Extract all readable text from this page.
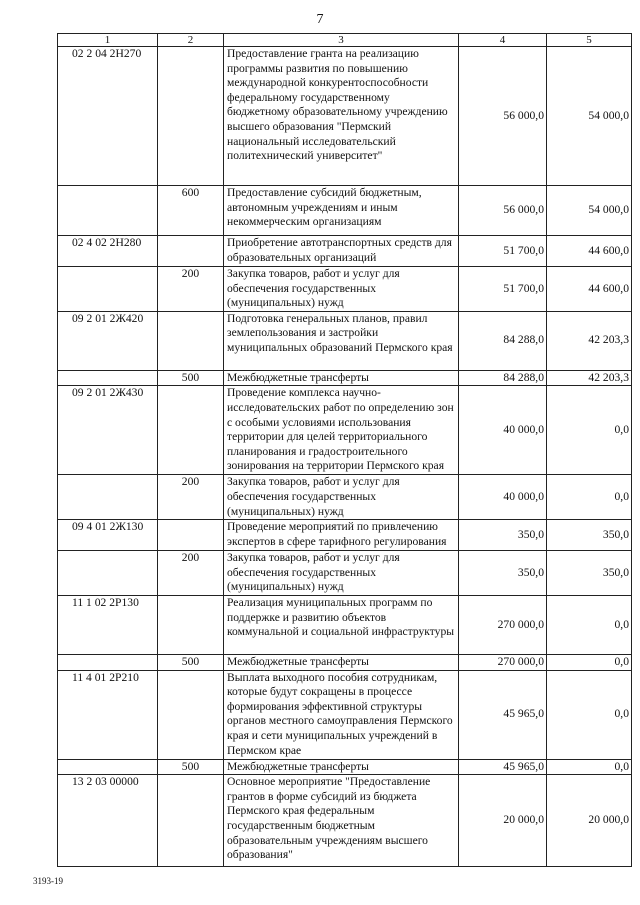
7
1	2	3	4	5
02 2 04 2Н270		Предоставление гранта на реализацию программы развития по повышению международной конкурентоспособности федеральному государственному бюджетному образовательному учреждению высшего образования "Пермский национальный исследовательский политехнический университет"	56 000,0	54 000,0
	600	Предоставление субсидий бюджетным, автономным учреждениям и иным некоммерческим организациям	56 000,0	54 000,0
02 4 02 2Н280		Приобретение автотранспортных средств для образовательных организаций	51 700,0	44 600,0
	200	Закупка товаров, работ и услуг для обеспечения государственных (муниципальных) нужд	51 700,0	44 600,0
09 2 01 2Ж420		Подготовка генеральных планов, правил землепользования и застройки муниципальных образований Пермского края	84 288,0	42 203,3
	500	Межбюджетные трансферты	84 288,0	42 203,3
09 2 01 2Ж430		Проведение комплекса научно-исследовательских работ по определению зон с особыми условиями использования территории для целей территориального планирования и градостроительного зонирования на территории Пермского края	40 000,0	0,0
	200	Закупка товаров, работ и услуг для обеспечения государственных (муниципальных) нужд	40 000,0	0,0
09 4 01 2Ж130		Проведение мероприятий по привлечению экспертов в сфере тарифного регулирования	350,0	350,0
	200	Закупка товаров, работ и услуг для обеспечения государственных (муниципальных) нужд	350,0	350,0
11 1 02 2Р130		Реализация муниципальных программ по поддержке и развитию объектов коммунальной и социальной инфраструктуры	270 000,0	0,0
	500	Межбюджетные трансферты	270 000,0	0,0
11 4 01 2Р210		Выплата выходного пособия сотрудникам, которые будут сокращены в процессе формирования эффективной структуры органов местного самоуправления Пермского края и сети муниципальных учреждений в Пермском крае	45 965,0	0,0
	500	Межбюджетные трансферты	45 965,0	0,0
13 2 03 00000		Основное мероприятие "Предоставление грантов в форме субсидий из бюджета Пермского края федеральным государственным бюджетным образовательным учреждениям высшего образования"	20 000,0	20 000,0
3193-19
